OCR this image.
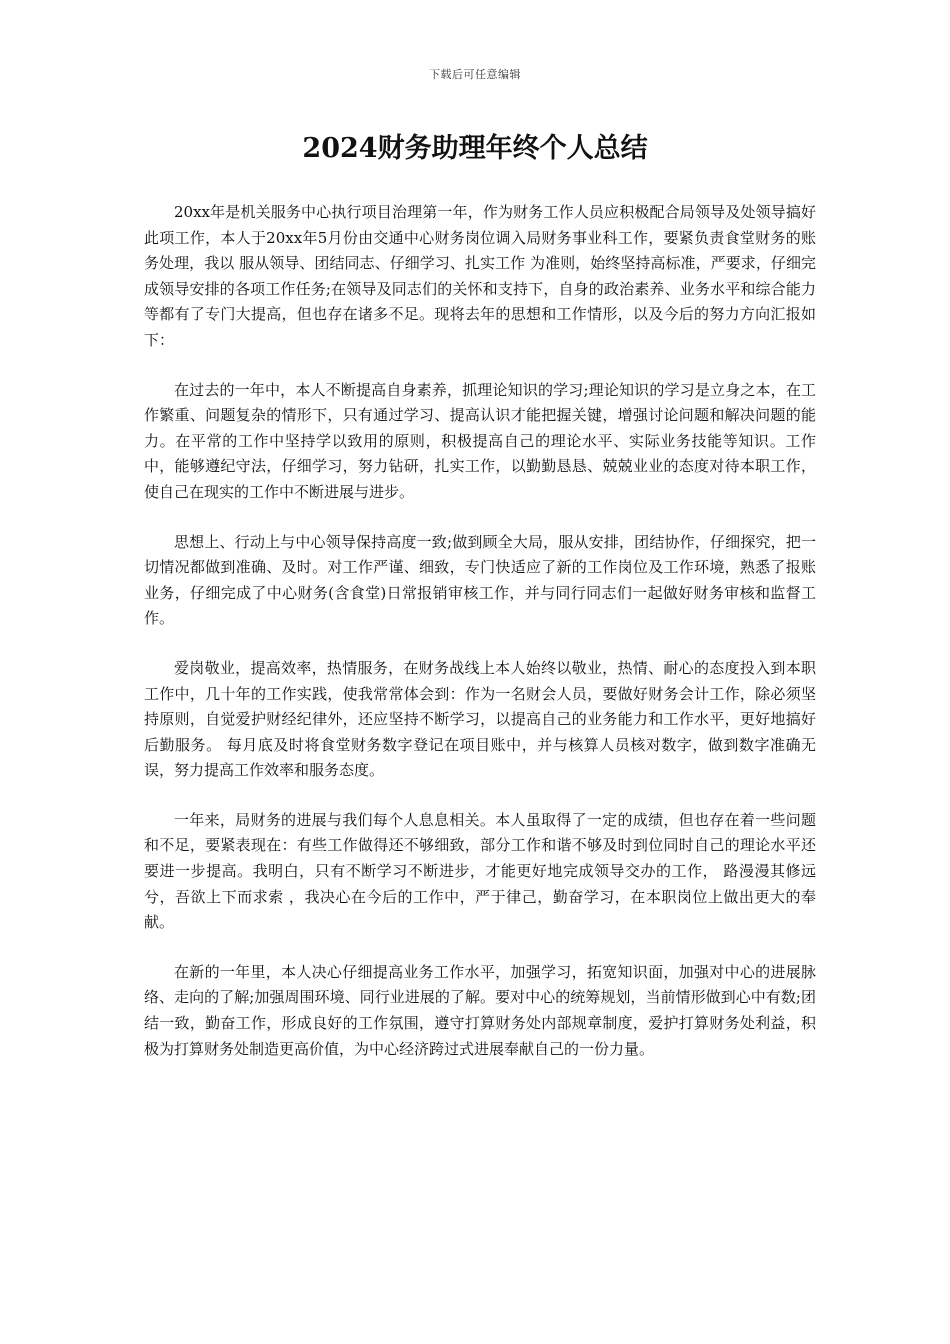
下载后可任意编辑
2024财务助理年终个人总结

20xx年是机关服务中心执行项目治理第一年，作为财务工作人员应积极配合局领导及处领导搞好此项工作，本人于20xx年5月份由交通中心财务岗位调入局财务事业科工作，要紧负责食堂财务的账务处理，我以 服从领导、团结同志、仔细学习、扎实工作 为准则，始终坚持高标准，严要求，仔细完成领导安排的各项工作任务;在领导及同志们的关怀和支持下，自身的政治素养、业务水平和综合能力等都有了专门大提高，但也存在诸多不足。现将去年的思想和工作情形，以及今后的努力方向汇报如下：

在过去的一年中，本人不断提高自身素养，抓理论知识的学习;理论知识的学习是立身之本，在工作繁重、问题复杂的情形下，只有通过学习、提高认识才能把握关键，增强讨论问题和解决问题的能力。在平常的工作中坚持学以致用的原则，积极提高自己的理论水平、实际业务技能等知识。工作中，能够遵纪守法，仔细学习，努力钻研，扎实工作，以勤勤恳恳、兢兢业业的态度对待本职工作，使自己在现实的工作中不断进展与进步。

思想上、行动上与中心领导保持高度一致;做到顾全大局，服从安排，团结协作，仔细探究，把一切情况都做到准确、及时。对工作严谨、细致，专门快适应了新的工作岗位及工作环境，熟悉了报账业务，仔细完成了中心财务(含食堂)日常报销审核工作，并与同行同志们一起做好财务审核和监督工作。

爱岗敬业，提高效率，热情服务，在财务战线上本人始终以敬业，热情、耐心的态度投入到本职工作中，几十年的工作实践，使我常常体会到：作为一名财会人员，要做好财务会计工作，除必须坚持原则，自觉爱护财经纪律外，还应坚持不断学习，以提高自己的业务能力和工作水平，更好地搞好后勤服务。 每月底及时将食堂财务数字登记在项目账中，并与核算人员核对数字，做到数字准确无误，努力提高工作效率和服务态度。

一年来，局财务的进展与我们每个人息息相关。本人虽取得了一定的成绩，但也存在着一些问题和不足，要紧表现在：有些工作做得还不够细致，部分工作和谐不够及时到位同时自己的理论水平还要进一步提高。我明白，只有不断学习不断进步，才能更好地完成领导交办的工作， 路漫漫其修远兮，吾欲上下而求索 ，我决心在今后的工作中，严于律己，勤奋学习，在本职岗位上做出更大的奉献。

在新的一年里，本人决心仔细提高业务工作水平，加强学习，拓宽知识面，加强对中心的进展脉络、走向的了解;加强周围环境、同行业进展的了解。要对中心的统筹规划，当前情形做到心中有数;团结一致，勤奋工作，形成良好的工作氛围，遵守打算财务处内部规章制度，爱护打算财务处利益，积极为打算财务处制造更高价值，为中心经济跨过式进展奉献自己的一份力量。
